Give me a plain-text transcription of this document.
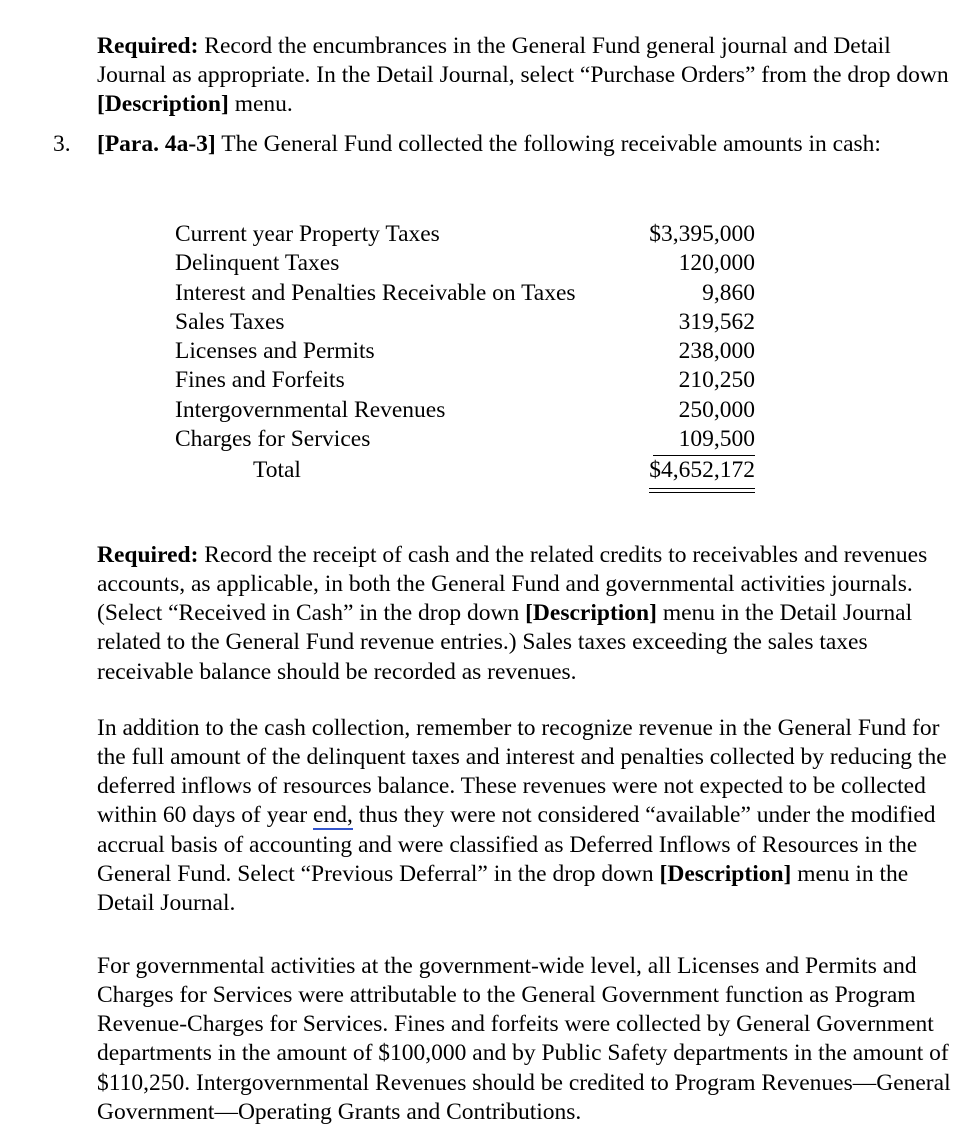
Required: Record the encumbrances in the General Fund general journal and Detail Journal as appropriate. In the Detail Journal, select “Purchase Orders” from the drop down [Description] menu.

3.	[Para. 4a-3] The General Fund collected the following receivable amounts in cash:
Current year Property Taxes	$3,395,000
Delinquent Taxes	120,000
Interest and Penalties Receivable on Taxes	9,860
Sales Taxes	319,562
Licenses and Permits	238,000
Fines and Forfeits	210,250
Intergovernmental Revenues	250,000
Charges for Services	109,500
Total	$4,652,172

Required: Record the receipt of cash and the related credits to receivables and revenues accounts, as applicable, in both the General Fund and governmental activities journals. (Select “Received in Cash” in the drop down [Description] menu in the Detail Journal related to the General Fund revenue entries.) Sales taxes exceeding the sales taxes receivable balance should be recorded as revenues.

In addition to the cash collection, remember to recognize revenue in the General Fund for the full amount of the delinquent taxes and interest and penalties collected by reducing the deferred inflows of resources balance. These revenues were not expected to be collected within 60 days of year end, thus they were not considered “available” under the modified accrual basis of accounting and were classified as Deferred Inflows of Resources in the General Fund. Select “Previous Deferral” in the drop down [Description] menu in the Detail Journal.

For governmental activities at the government-wide level, all Licenses and Permits and Charges for Services were attributable to the General Government function as Program Revenue-Charges for Services. Fines and forfeits were collected by General Government departments in the amount of $100,000 and by Public Safety departments in the amount of $110,250. Intergovernmental Revenues should be credited to Program Revenues—General Government—Operating Grants and Contributions.
